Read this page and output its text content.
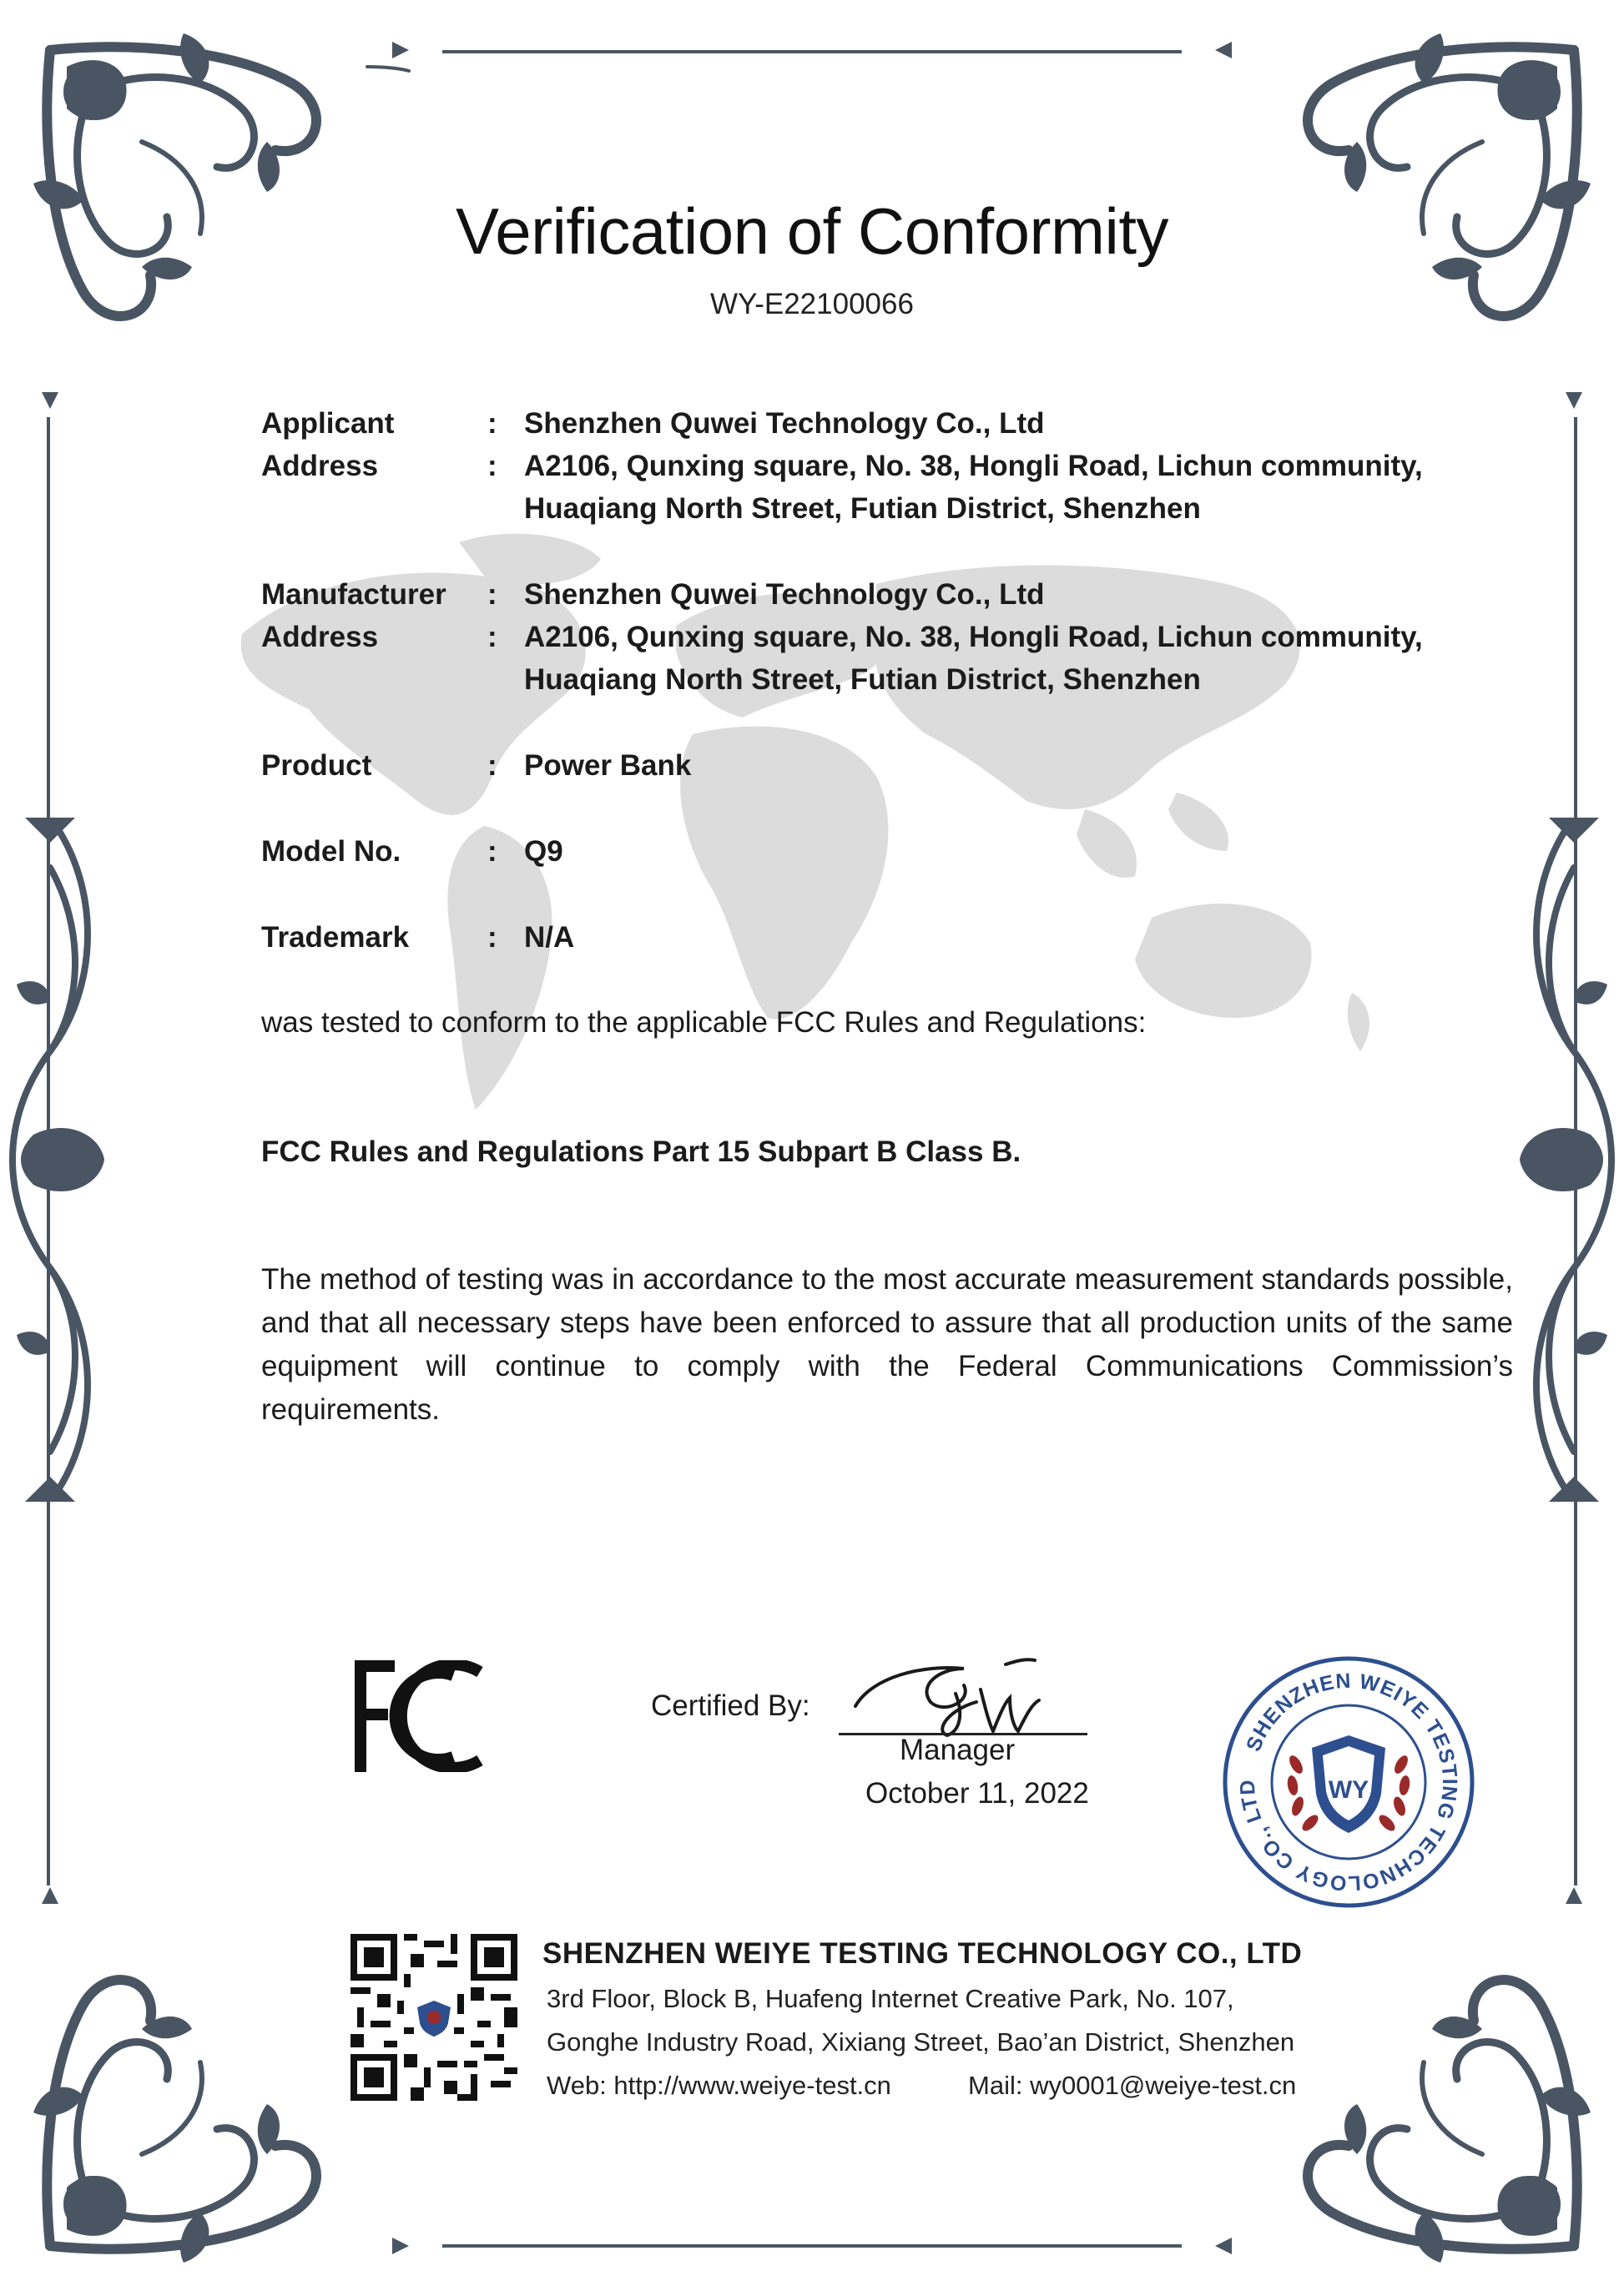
Verification of Conformity
WY-E22100066
Applicant	: Shenzhen Quwei Technology Co., Ltd
Address	: A2106, Qunxing square, No. 38, Hongli Road, Lichun community,
Huaqiang North Street, Futian District, Shenzhen
Manufacturer : Shenzhen Quwei Technology Co., Ltd
Address	: A2106, Qunxing square, No. 38, Hongli Road, Lichun community,
Huaqiang North Street, Futian District, Shenzhen
Product	: Power Bank
Model No.	: Q9
Trademark	: N/A
was tested to conform to the applicable FCC Rules and Regulations:
FCC Rules and Regulations Part 15 Subpart B Class B.
The method of testing was in accordance to the most accurate measurement standards possible, and that all necessary steps have been enforced to assure that all production units of the same equipment will continue to comply with the Federal Communications Commission’s requirements.
Certified By:
Manager
October 11, 2022
SHENZHEN WEIYE TESTING TECHNOLOGY CO., LTD	WY
SHENZHEN WEIYE TESTING TECHNOLOGY CO., LTD
3rd Floor, Block B, Huafeng Internet Creative Park, No. 107,
Gonghe Industry Road, Xixiang Street, Bao’an District, Shenzhen
Web: http://www.weiye-test.cn	Mail: wy0001@weiye-test.cn
